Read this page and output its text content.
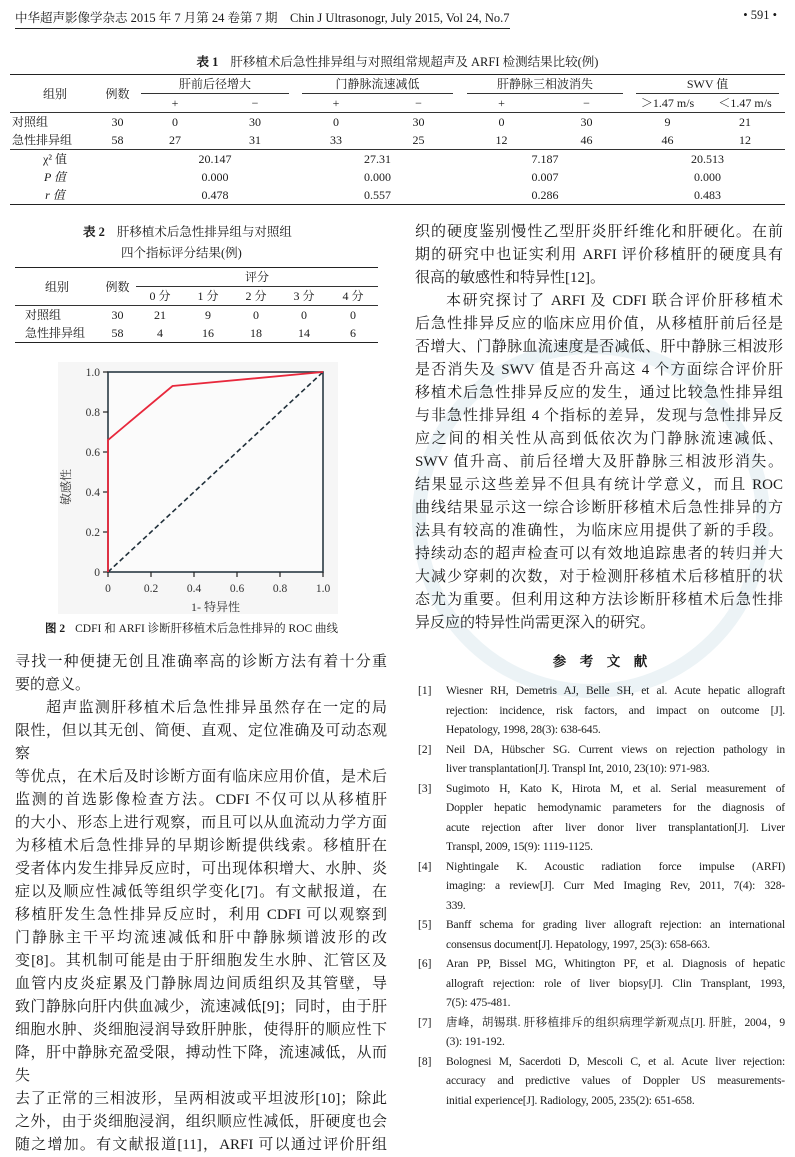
中华超声影像学杂志 2015 年 7 月第 24 卷第 7 期　Chin J Ultrasonogr, July 2015, Vol 24, No.7	• 591 •
表 1 肝移植术后急性排异组与对照组常规超声及 ARFI 检测结果比较(例)
组别	例数	肝前后径增大		门静脉流速减低		肝静脉三相波消失		SWV 值	
		+	−	+	−	+	−	＞1.47 m/s	＜1.47 m/s
对照组	30	0	30	0	30	0	30	9	21
急性排异组	58	27	31	33	25	12	46	46	12
χ² 值		20.147		27.31		7.187		20.513	
P 值		0.000		0.000		0.007		0.000	
r 值		0.478		0.557		0.286		0.483	
表 2 肝移植术后急性排异组与对照组
四个指标评分结果(例)
组别	例数	评分				
		0 分	1 分	2 分	3 分	4 分
对照组	30	21	9	0	0	0
急性排异组	58	4	16	18	14	6
0	0.2 0.4 0.6 0.8 1.0
0
0.2
0.4
0.6
0.8
1.0
1- 特异性
敏感性
图 2 CDFI 和 ARFI 诊断肝移植术后急性排异的 ROC 曲线
寻找一种便捷无创且准确率高的诊断方法有着十分重
要的意义。
超声监测肝移植术后急性排异虽然存在一定的局
限性，但以其无创、简便、直观、定位准确及可动态观察
等优点，在术后及时诊断方面有临床应用价值，是术后
监测的首选影像检查方法。CDFI 不仅可以从移植肝
的大小、形态上进行观察，而且可以从血流动力学方面
为移植术后急性排异的早期诊断提供线索。移植肝在
受者体内发生排异反应时，可出现体积增大、水肿、炎
症以及顺应性减低等组织学变化[7]。有文献报道，在
移植肝发生急性排异反应时，利用 CDFI 可以观察到
门静脉主干平均流速减低和肝中静脉频谱波形的改
变[8]。其机制可能是由于肝细胞发生水肿、汇管区及
血管内皮炎症累及门静脉周边间质组织及其管壁，导
致门静脉向肝内供血减少，流速减低[9]；同时，由于肝
细胞水肿、炎细胞浸润导致肝肿胀，使得肝的顺应性下
降，肝中静脉充盈受限，搏动性下降，流速减低，从而失
去了正常的三相波形，呈两相波或平坦波形[10]；除此
之外，由于炎细胞浸润，组织顺应性减低，肝硬度也会
随之增加。有文献报道[11]，ARFI 可以通过评价肝组
织的硬度鉴别慢性乙型肝炎肝纤维化和肝硬化。在前
期的研究中也证实利用 ARFI 评价移植肝的硬度具有
很高的敏感性和特异性[12]。
本研究探讨了 ARFI 及 CDFI 联合评价肝移植术
后急性排异反应的临床应用价值，从移植肝前后径是
否增大、门静脉血流速度是否减低、肝中静脉三相波形
是否消失及 SWV 值是否升高这 4 个方面综合评价肝
移植术后急性排异反应的发生，通过比较急性排异组
与非急性排异组 4 个指标的差异，发现与急性排异反
应之间的相关性从高到低依次为门静脉流速减低、
SWV 值升高、前后径增大及肝静脉三相波形消失。
结果显示这些差异不但具有统计学意义，而且 ROC
曲线结果显示这一综合诊断肝移植术后急性排异的方
法具有较高的准确性，为临床应用提供了新的手段。
持续动态的超声检查可以有效地追踪患者的转归并大
大减少穿刺的次数，对于检测肝移植术后移植肝的状
态尤为重要。但利用这种方法诊断肝移植术后急性排
异反应的特异性尚需更深入的研究。
参　考　文　献
[1]	Wiesner RH, Demetris AJ, Belle SH, et al. Acute hepatic allograft
rejection: incidence, risk factors, and impact on outcome [J].
Hepatology, 1998, 28(3): 638-645.
[2]	Neil DA, Hübscher SG. Current views on rejection pathology in
liver transplantation[J]. Transpl Int, 2010, 23(10): 971-983.
[3]	Sugimoto H, Kato K, Hirota M, et al. Serial measurement of
Doppler hepatic hemodynamic parameters for the diagnosis of
acute rejection after liver donor liver transplantation[J]. Liver
Transpl, 2009, 15(9): 1119-1125.
[4]	Nightingale K. Acoustic radiation force impulse (ARFI)
imaging: a review[J]. Curr Med Imaging Rev, 2011, 7(4): 328-
339.
[5]	Banff schema for grading liver allograft rejection: an international
consensus document[J]. Hepatology, 1997, 25(3): 658-663.
[6]	Aran PP, Bissel MG, Whitington PF, et al. Diagnosis of hepatic
allograft rejection: role of liver biopsy[J]. Clin Transplant, 1993,
7(5): 475-481.
[7]	唐峰，胡锡琪. 肝移植排斥的组织病理学新观点[J]. 肝脏，2004，9
(3): 191-192.
[8]	Bolognesi M, Sacerdoti D, Mescoli C, et al. Acute liver rejection:
accuracy and predictive values of Doppler US measurements-
initial experience[J]. Radiology, 2005, 235(2): 651-658.
